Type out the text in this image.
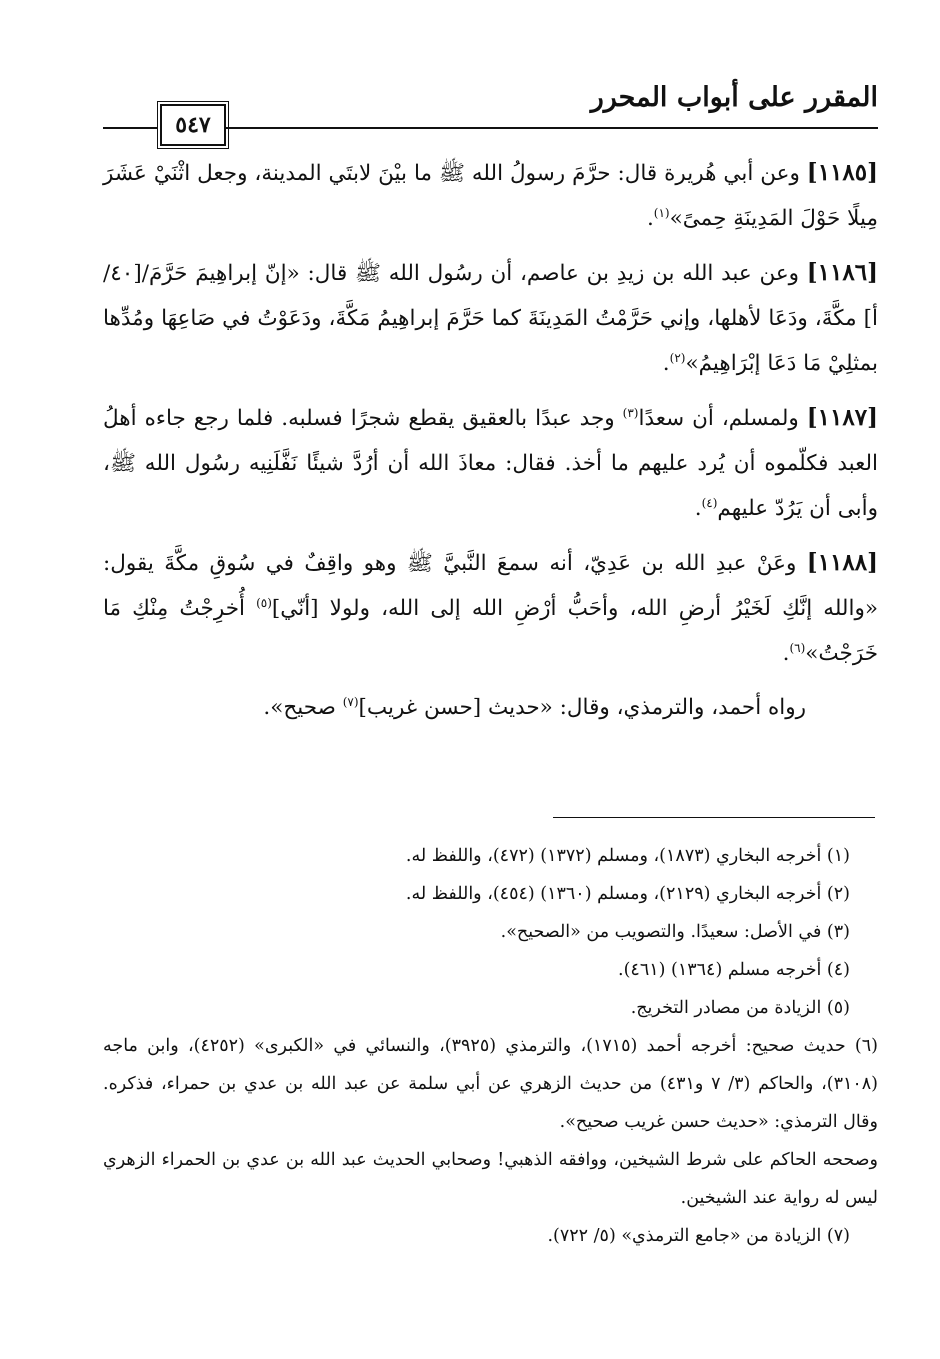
المقرر على أبواب المحرر
٥٤٧

[١١٨٥] وعن أبي هُريرة قال: حرَّمَ رسولُ الله ﷺ ما بيْنَ لابتَي المدينة، وجعل اثْنَيْ عَشَرَ مِيلًا حَوْلَ المَدِينَةِ حِمىً»$^{(١)}$.

[١١٨٦] وعن عبد الله بن زيدِ بن عاصم، أن رسُول الله ﷺ قال: «إنّ إبراهِيمَ حَرَّمَ/[٤٠/ أ] مكَّةَ، ودَعَا لأهلها، وإني حَرَّمْتُ المَدِينَةَ كما حَرَّمَ إبراهِيمُ مَكَّةَ، ودَعَوْتُ في صَاعِهَا ومُدِّها بمثلِيْ مَا دَعَا إبْرَاهِيمُ»$^{(٢)}$.

[١١٨٧] ولمسلم، أن سعدًا$^{(٣)}$ وجد عبدًا بالعقيق يقطع شجرًا فسلبه. فلما رجع جاءه أهلُ العبد فكلّموه أن يُرد عليهم ما أخذ. فقال: معاذَ الله أن أرُدَّ شيئًا نَفَّلَنِيه رسُول الله ﷺ، وأبى أن يَرُدّ عليهم$^{(٤)}$.

[١١٨٨] وعَنْ عبدِ الله بن عَدِيّ، أنه سمعَ النَّبيَّ ﷺ وهو واقِفٌ في سُوقِ مكَّةَ يقول: «والله إنَّكِ لَخَيْرُ أرضِ الله، وأحَبُّ أرْضِ الله إلى الله، ولولا [أنّي]$^{(٥)}$ أُخرِجْتُ مِنْكِ مَا خَرَجْتُ»$^{(٦)}$.

رواه أحمد، والترمذي، وقال: «حديث [حسن غريب]$^{(٧)}$ صحيح».

(١) أخرجه البخاري (١٨٧٣)، ومسلم (١٣٧٢) (٤٧٢)، واللفظ له.

(٢) أخرجه البخاري (٢١٢٩)، ومسلم (١٣٦٠) (٤٥٤)، واللفظ له.

(٣) في الأصل: سعيدًا. والتصويب من «الصحيح».

(٤) أخرجه مسلم (١٣٦٤) (٤٦١).

(٥) الزيادة من مصادر التخريج.

(٦) حديث صحيح: أخرجه أحمد (١٧١٥)، والترمذي (٣٩٢٥)، والنسائي في «الكبرى» (٤٢٥٢)، وابن ماجه (٣١٠٨)، والحاكم (٣/ ٧ و٤٣١) من حديث الزهري عن أبي سلمة عن عبد الله بن عدي بن حمراء، فذكره. وقال الترمذي: «حديث حسن غريب صحيح».

وصححه الحاكم على شرط الشيخين، ووافقه الذهبي! وصحابي الحديث عبد الله بن عدي بن الحمراء الزهري ليس له رواية عند الشيخين.

(٧) الزيادة من «جامع الترمذي» (٥/ ٧٢٢).
